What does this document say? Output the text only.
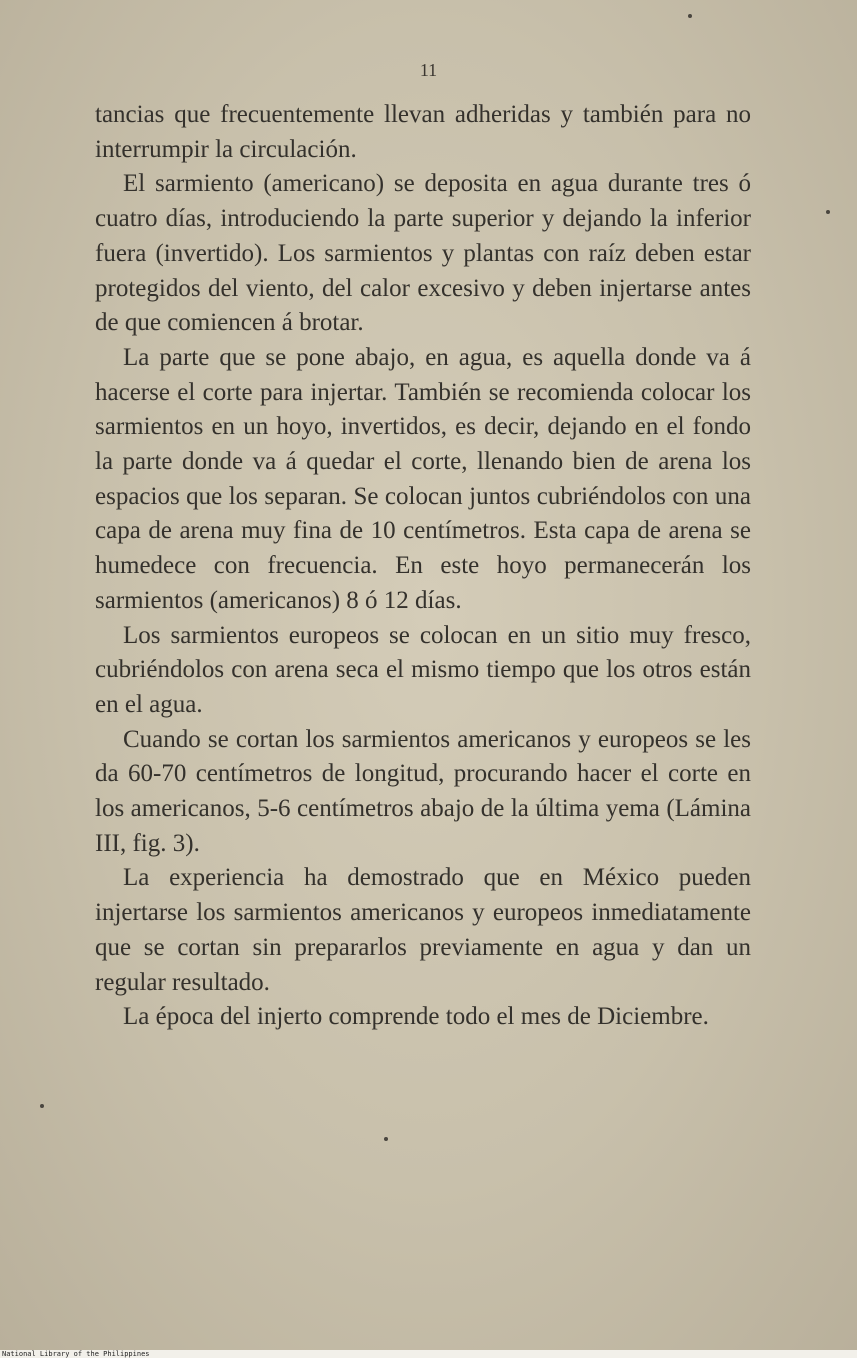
11

tancias que frecuentemente llevan adheridas y también para no interrumpir la circulación.

El sarmiento (americano) se deposita en agua durante tres ó cuatro días, introduciendo la parte superior y dejando la inferior fuera (invertido). Los sarmientos y plantas con raíz deben estar protegidos del viento, del calor excesivo y deben injertarse antes de que comiencen á brotar.

La parte que se pone abajo, en agua, es aquella donde va á hacerse el corte para injertar. También se recomienda colocar los sarmientos en un hoyo, invertidos, es decir, dejando en el fondo la parte donde va á quedar el corte, llenando bien de arena los espacios que los separan. Se colocan juntos cubriéndolos con una capa de arena muy fina de 10 centímetros. Esta capa de arena se humedece con frecuencia. En este hoyo permanecerán los sarmientos (americanos) 8 ó 12 días.

Los sarmientos europeos se colocan en un sitio muy fresco, cubriéndolos con arena seca el mismo tiempo que los otros están en el agua.

Cuando se cortan los sarmientos americanos y europeos se les da 60-70 centímetros de longitud, procurando hacer el corte en los americanos, 5-6 centímetros abajo de la última yema (Lámina III, fig. 3).

La experiencia ha demostrado que en México pueden injertarse los sarmientos americanos y europeos inmediatamente que se cortan sin prepararlos previamente en agua y dan un regular resultado.

La época del injerto comprende todo el mes de Diciembre.

National Library of the Philippines
